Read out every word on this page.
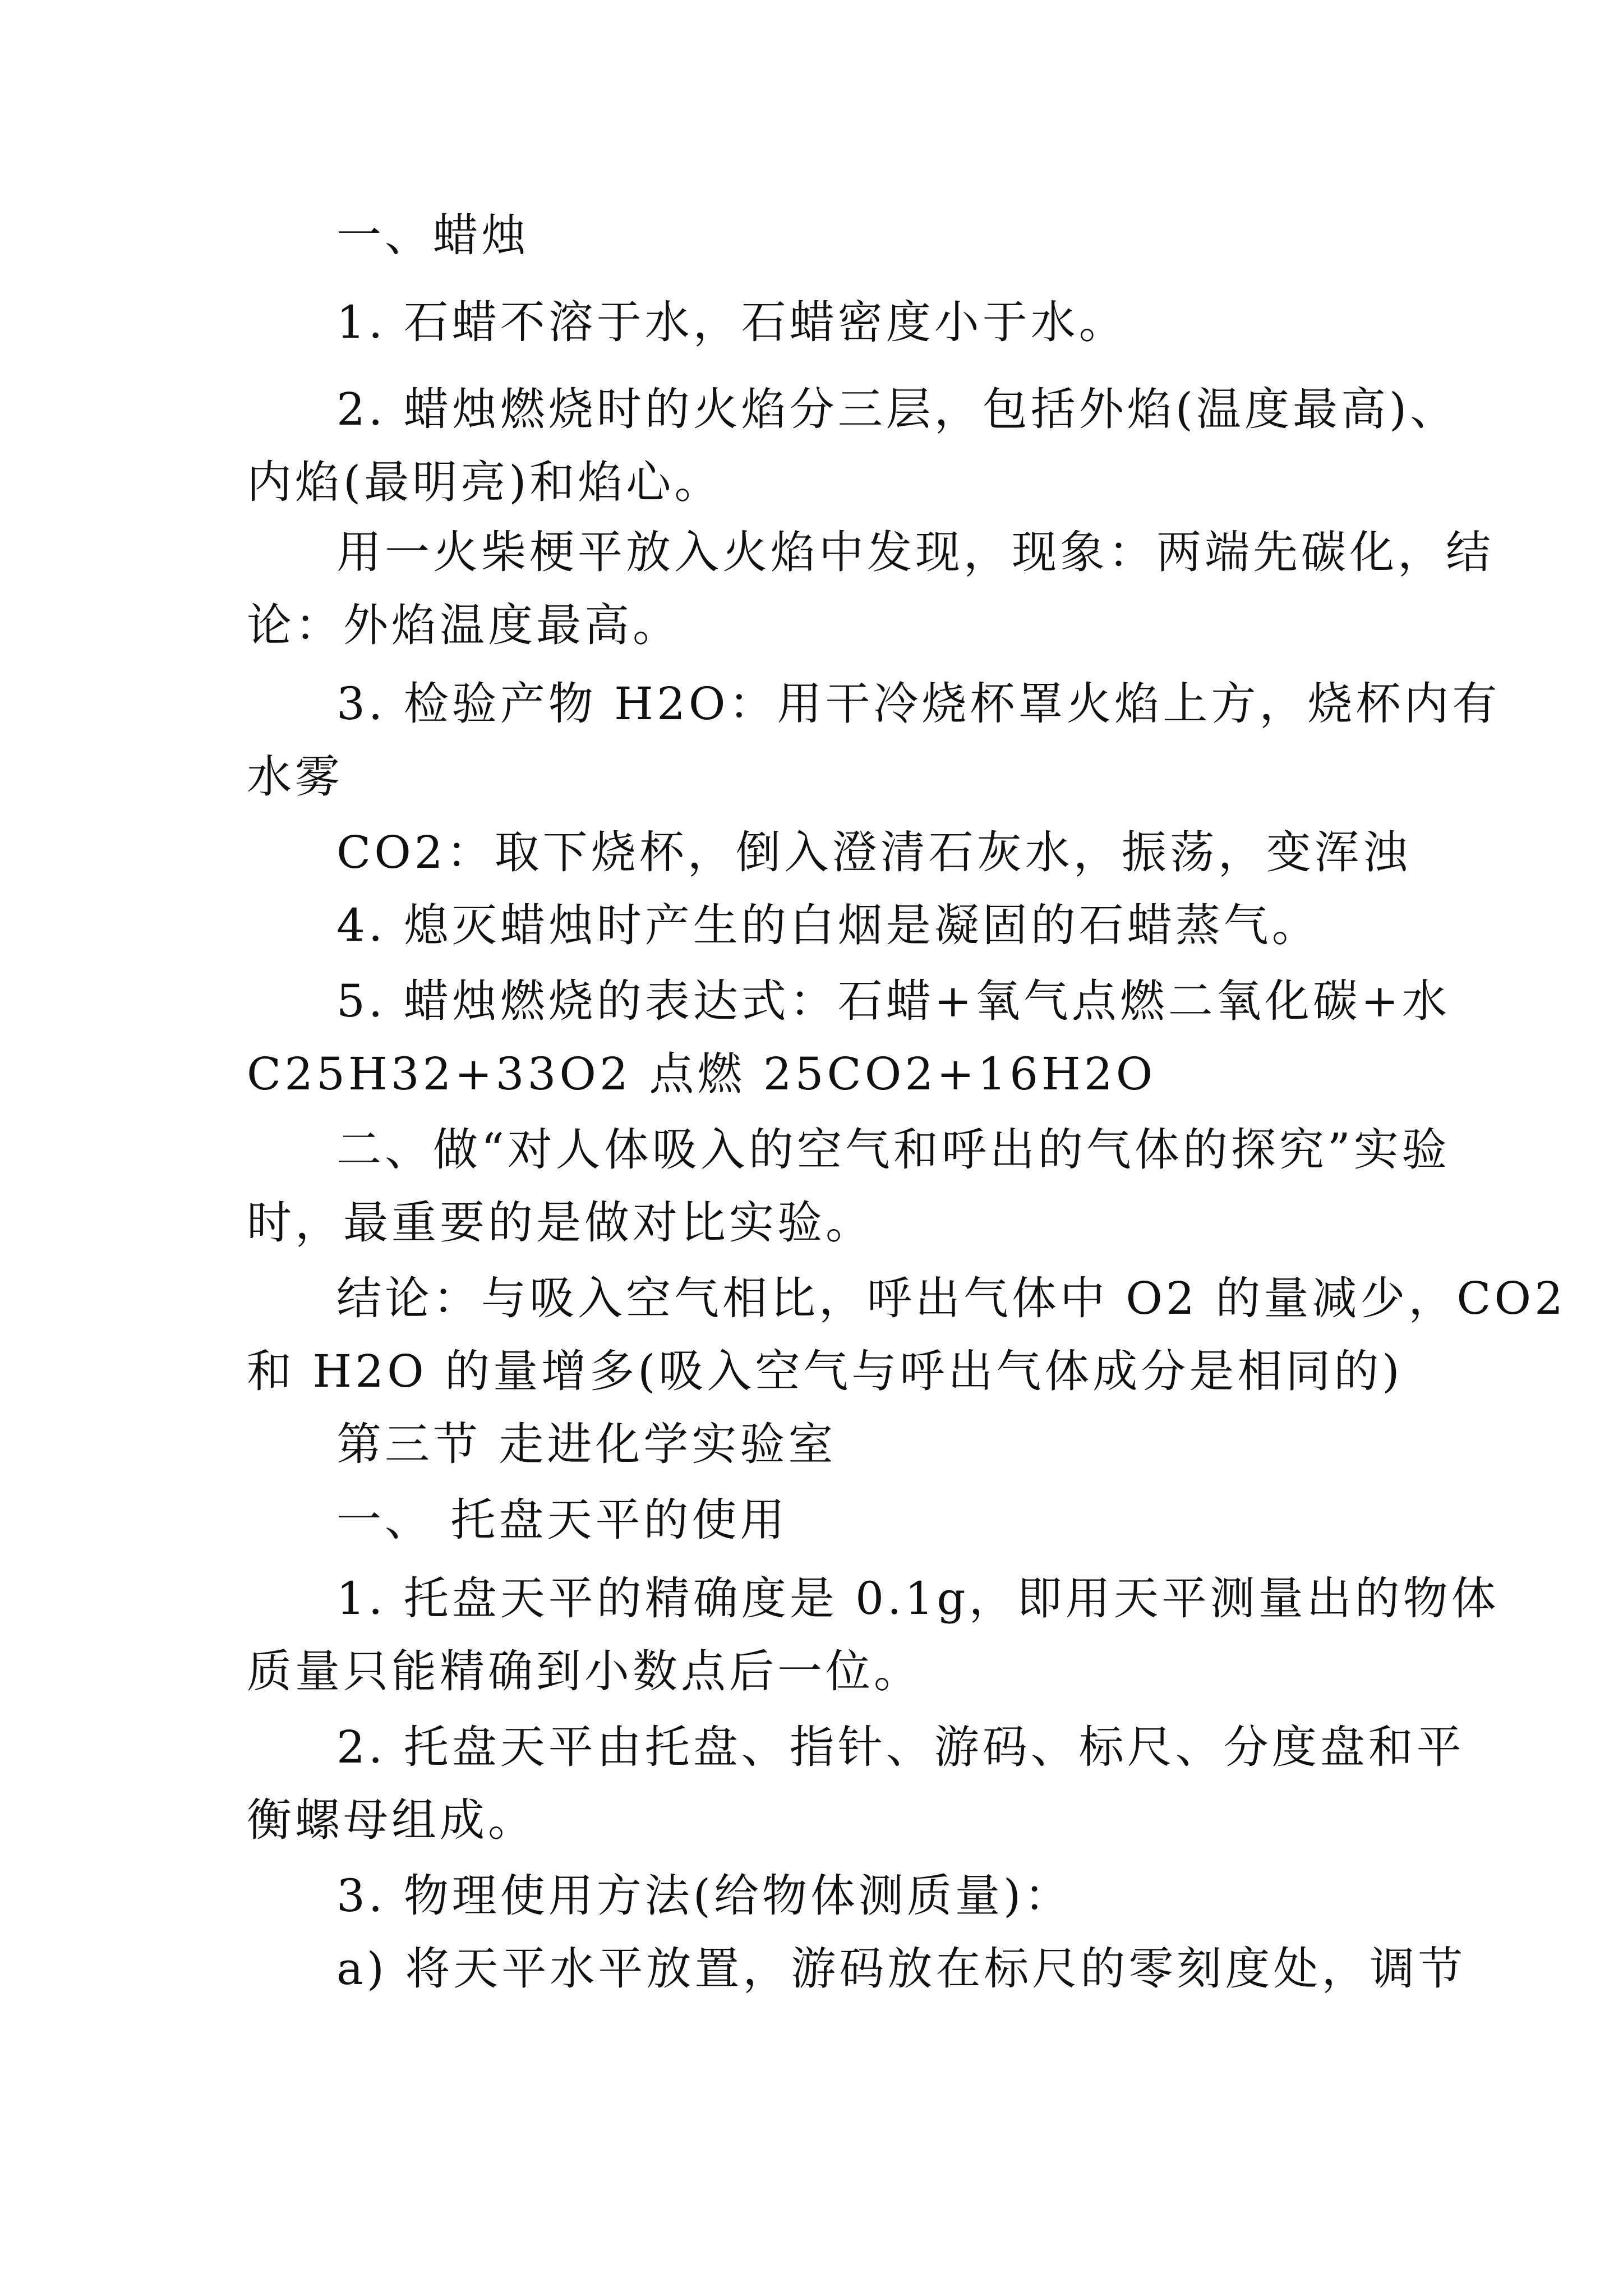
一、蜡烛
1. 石蜡不溶于水，石蜡密度小于水。
2. 蜡烛燃烧时的火焰分三层，包括外焰(温度最高)、
内焰(最明亮)和焰心。
用一火柴梗平放入火焰中发现，现象：两端先碳化，结
论：外焰温度最高。
3. 检验产物 H2O：用干冷烧杯罩火焰上方，烧杯内有
水雾
CO2：取下烧杯，倒入澄清石灰水，振荡，变浑浊
4. 熄灭蜡烛时产生的白烟是凝固的石蜡蒸气。
5. 蜡烛燃烧的表达式：石蜡+氧气点燃二氧化碳+水
C25H32+33O2 点燃 25CO2+16H2O
二、做“对人体吸入的空气和呼出的气体的探究”实验
时，最重要的是做对比实验。
结论：与吸入空气相比，呼出气体中 O2 的量减少，CO2
和 H2O 的量增多(吸入空气与呼出气体成分是相同的)
第三节 走进化学实验室
一、 托盘天平的使用
1. 托盘天平的精确度是 0.1g，即用天平测量出的物体
质量只能精确到小数点后一位。
2. 托盘天平由托盘、指针、游码、标尺、分度盘和平
衡螺母组成。
3. 物理使用方法(给物体测质量)：
a) 将天平水平放置，游码放在标尺的零刻度处，调节
